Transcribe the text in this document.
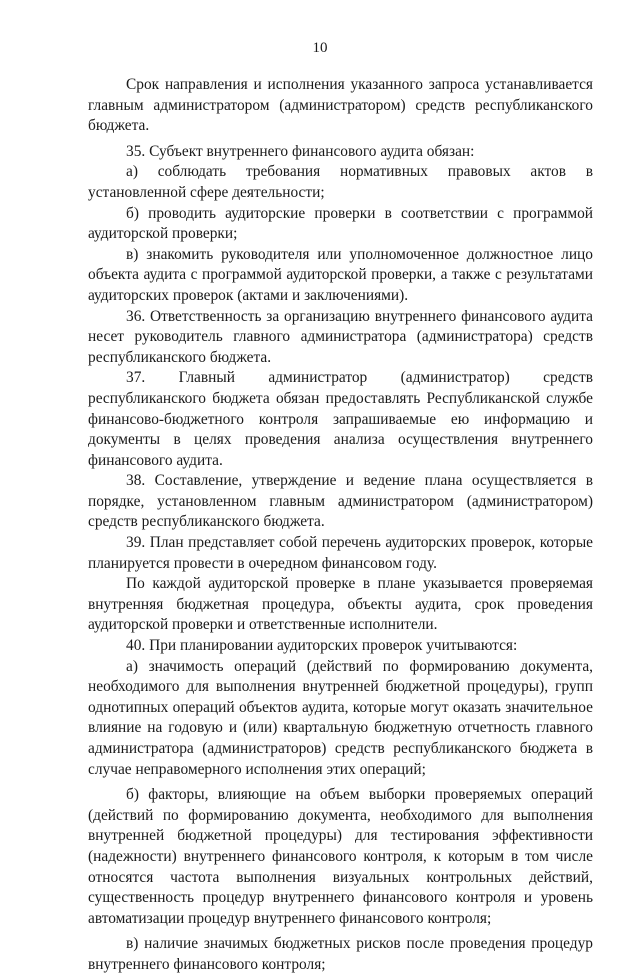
10

Срок направления и исполнения указанного запроса устанавливается главным администратором (администратором) средств республиканского бюджета.

35. Субъект внутреннего финансового аудита обязан:

а) соблюдать требования нормативных правовых актов в установленной сфере деятельности;

б) проводить аудиторские проверки в соответствии с программой аудиторской проверки;

в) знакомить руководителя или уполномоченное должностное лицо объекта аудита с программой аудиторской проверки, а также с результатами аудиторских проверок (актами и заключениями).

36. Ответственность за организацию внутреннего финансового аудита несет руководитель главного администратора (администратора) средств республиканского бюджета.

37. Главный администратор (администратор) средств республиканского бюджета обязан предоставлять Республиканской службе финансово-бюджетного контроля запрашиваемые ею информацию и документы в целях проведения анализа осуществления внутреннего финансового аудита.

38. Составление, утверждение и ведение плана осуществляется в порядке, установленном главным администратором (администратором) средств республиканского бюджета.

39. План представляет собой перечень аудиторских проверок, которые планируется провести в очередном финансовом году.

По каждой аудиторской проверке в плане указывается проверяемая внутренняя бюджетная процедура, объекты аудита, срок проведения аудиторской проверки и ответственные исполнители.

40. При планировании аудиторских проверок учитываются:

а) значимость операций (действий по формированию документа, необходимого для выполнения внутренней бюджетной процедуры), групп однотипных операций объектов аудита, которые могут оказать значительное влияние на годовую и (или) квартальную бюджетную отчетность главного администратора (администраторов) средств республиканского бюджета в случае неправомерного исполнения этих операций;

б) факторы, влияющие на объем выборки проверяемых операций (действий по формированию документа, необходимого для выполнения внутренней бюджетной процедуры) для тестирования эффективности (надежности) внутреннего финансового контроля, к которым в том числе относятся частота выполнения визуальных контрольных действий, существенность процедур внутреннего финансового контроля и уровень автоматизации процедур внутреннего финансового контроля;

в) наличие значимых бюджетных рисков после проведения процедур внутреннего финансового контроля;
